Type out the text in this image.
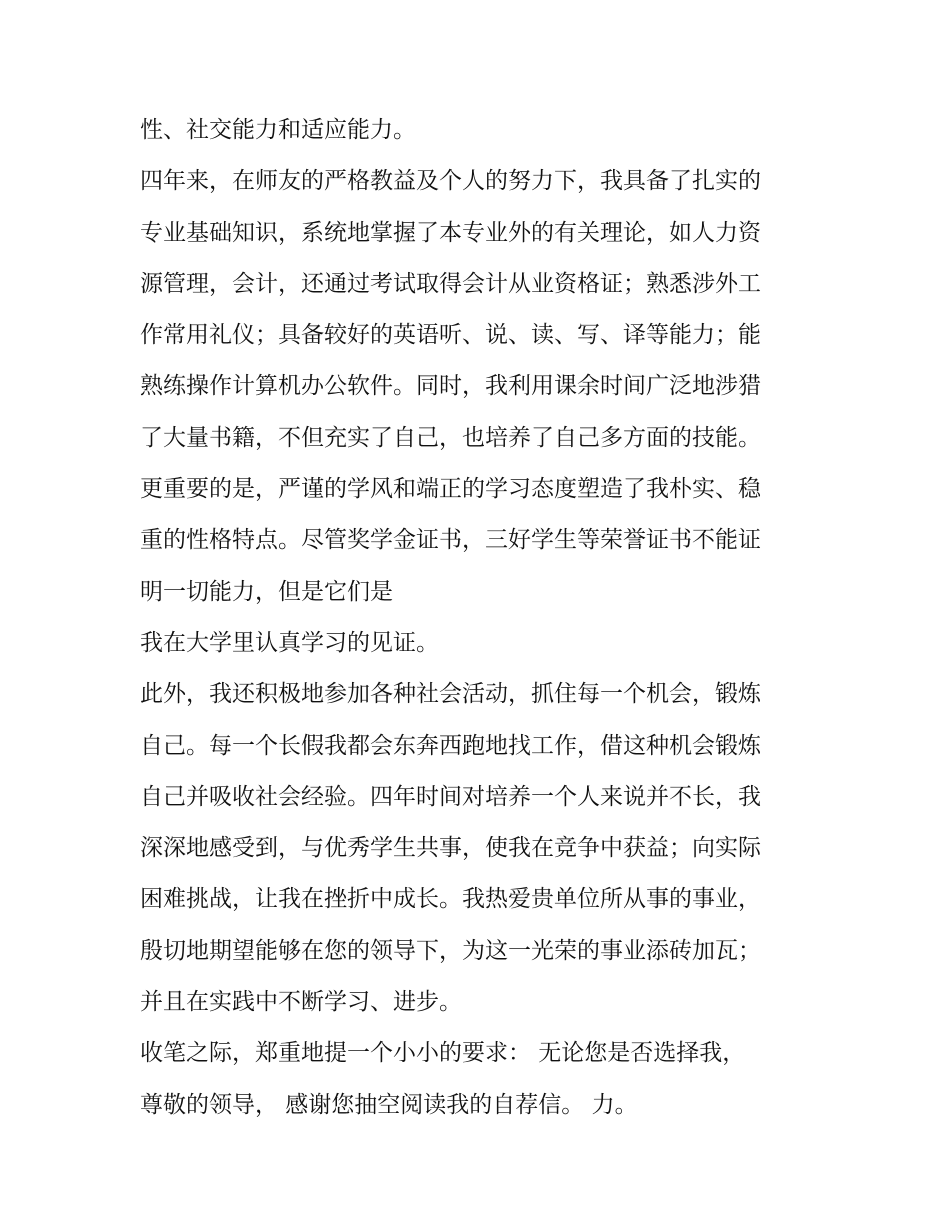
性、社交能力和适应能力。
四年来，在师友的严格教益及个人的努力下，我具备了扎实的
专业基础知识，系统地掌握了本专业外的有关理论，如人力资
源管理，会计，还通过考试取得会计从业资格证；熟悉涉外工
作常用礼仪；具备较好的英语听、说、读、写、译等能力；能
熟练操作计算机办公软件。同时，我利用课余时间广泛地涉猎
了大量书籍，不但充实了自己，也培养了自己多方面的技能。
更重要的是，严谨的学风和端正的学习态度塑造了我朴实、稳
重的性格特点。尽管奖学金证书，三好学生等荣誉证书不能证
明一切能力，但是它们是
我在大学里认真学习的见证。
此外，我还积极地参加各种社会活动，抓住每一个机会，锻炼
自己。每一个长假我都会东奔西跑地找工作，借这种机会锻炼
自己并吸收社会经验。四年时间对培养一个人来说并不长，我
深深地感受到，与优秀学生共事，使我在竞争中获益；向实际
困难挑战，让我在挫折中成长。我热爱贵单位所从事的事业，
殷切地期望能够在您的领导下，为这一光荣的事业添砖加瓦；
并且在实践中不断学习、进步。
收笔之际，郑重地提一个小小的要求： 无论您是否选择我，
尊敬的领导， 感谢您抽空阅读我的自荐信。 力。
